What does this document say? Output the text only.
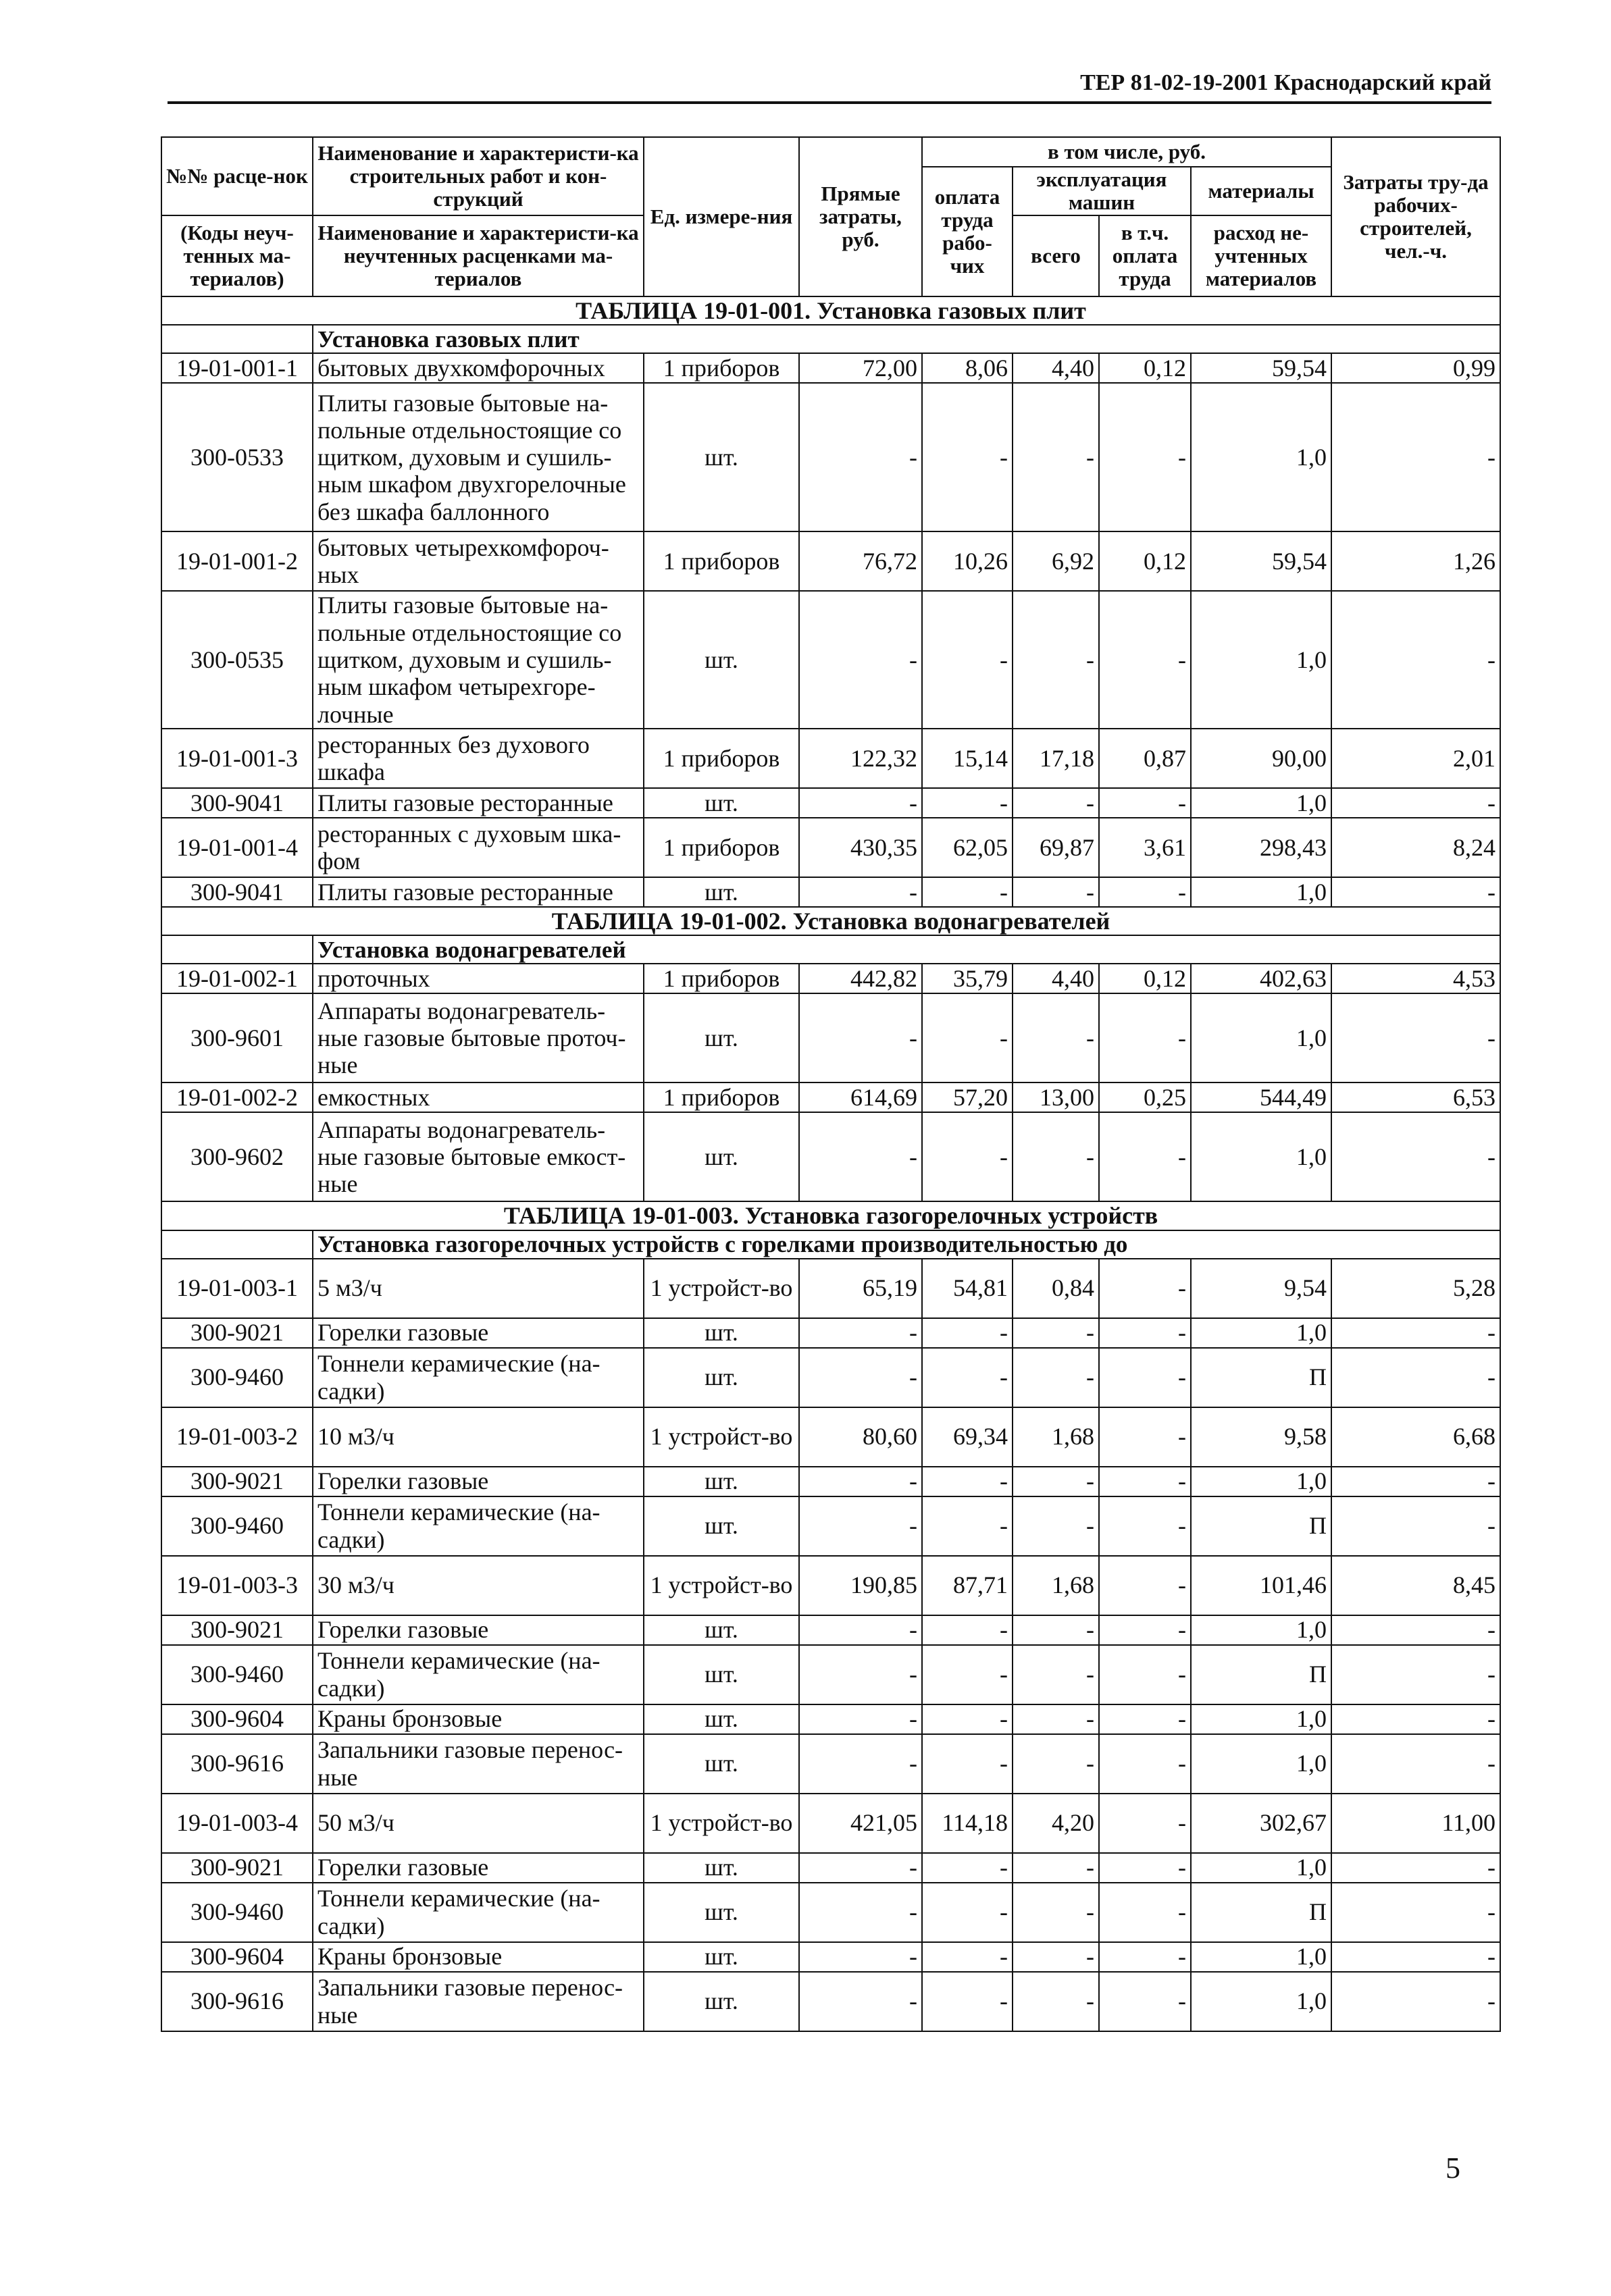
ТЕР 81-02-19-2001 Краснодарский край
№№ расце-нок	Наименование и характеристи-ка строительных работ и кон-струкций	Ед. измере-ния	Прямые затраты, руб.	в том числе, руб.				Затраты тру-да рабочих-строителей, чел.-ч.
				оплата труда рабо-чих	эксплуатация машин		материалы	
(Коды неуч-тенных ма-териалов)	Наименование и характеристи-ка неучтенных расценками ма-териалов				всего	в т.ч. оплата труда	расход не-учтенных материалов	

ТАБЛИЦА 19-01-001. Установка газовых плит								
	Установка газовых плит							
19-01-001-1	бытовых двухкомфорочных	1 приборов	72,00	8,06	4,40	0,12	59,54	0,99
300-0533	Плиты газовые бытовые на-польные отдельностоящие со щитком, духовым и сушиль-ным шкафом двухгорелочные без шкафа баллонного	шт.	-	-	-	-	1,0	-
19-01-001-2	бытовых четырехкомфороч-ных	1 приборов	76,72	10,26	6,92	0,12	59,54	1,26
300-0535	Плиты газовые бытовые на-польные отдельностоящие со щитком, духовым и сушиль-ным шкафом четырехгоре-лочные	шт.	-	-	-	-	1,0	-
19-01-001-3	ресторанных без духового шкафа	1 приборов	122,32	15,14	17,18	0,87	90,00	2,01
300-9041	Плиты газовые ресторанные	шт.	-	-	-	-	1,0	-
19-01-001-4	ресторанных с духовым шка-фом	1 приборов	430,35	62,05	69,87	3,61	298,43	8,24
300-9041	Плиты газовые ресторанные	шт.	-	-	-	-	1,0	-
ТАБЛИЦА 19-01-002. Установка водонагревателей								
	Установка водонагревателей							
19-01-002-1	проточных	1 приборов	442,82	35,79	4,40	0,12	402,63	4,53
300-9601	Аппараты водонагреватель-ные газовые бытовые проточ-ные	шт.	-	-	-	-	1,0	-
19-01-002-2	емкостных	1 приборов	614,69	57,20	13,00	0,25	544,49	6,53
300-9602	Аппараты водонагреватель-ные газовые бытовые емкост-ные	шт.	-	-	-	-	1,0	-
ТАБЛИЦА 19-01-003. Установка газогорелочных устройств								
	Установка газогорелочных устройств с горелками производительностью до							
19-01-003-1	5 м3/ч	1 устройст-во	65,19	54,81	0,84	-	9,54	5,28
300-9021	Горелки газовые	шт.	-	-	-	-	1,0	-
300-9460	Тоннели керамические (на-садки)	шт.	-	-	-	-	П	-
19-01-003-2	10 м3/ч	1 устройст-во	80,60	69,34	1,68	-	9,58	6,68
300-9021	Горелки газовые	шт.	-	-	-	-	1,0	-
300-9460	Тоннели керамические (на-садки)	шт.	-	-	-	-	П	-
19-01-003-3	30 м3/ч	1 устройст-во	190,85	87,71	1,68	-	101,46	8,45
300-9021	Горелки газовые	шт.	-	-	-	-	1,0	-
300-9460	Тоннели керамические (на-садки)	шт.	-	-	-	-	П	-
300-9604	Краны бронзовые	шт.	-	-	-	-	1,0	-
300-9616	Запальники газовые перенос-ные	шт.	-	-	-	-	1,0	-
19-01-003-4	50 м3/ч	1 устройст-во	421,05	114,18	4,20	-	302,67	11,00
300-9021	Горелки газовые	шт.	-	-	-	-	1,0	-
300-9460	Тоннели керамические (на-садки)	шт.	-	-	-	-	П	-
300-9604	Краны бронзовые	шт.	-	-	-	-	1,0	-
300-9616	Запальники газовые перенос-ные	шт.	-	-	-	-	1,0	-
5
